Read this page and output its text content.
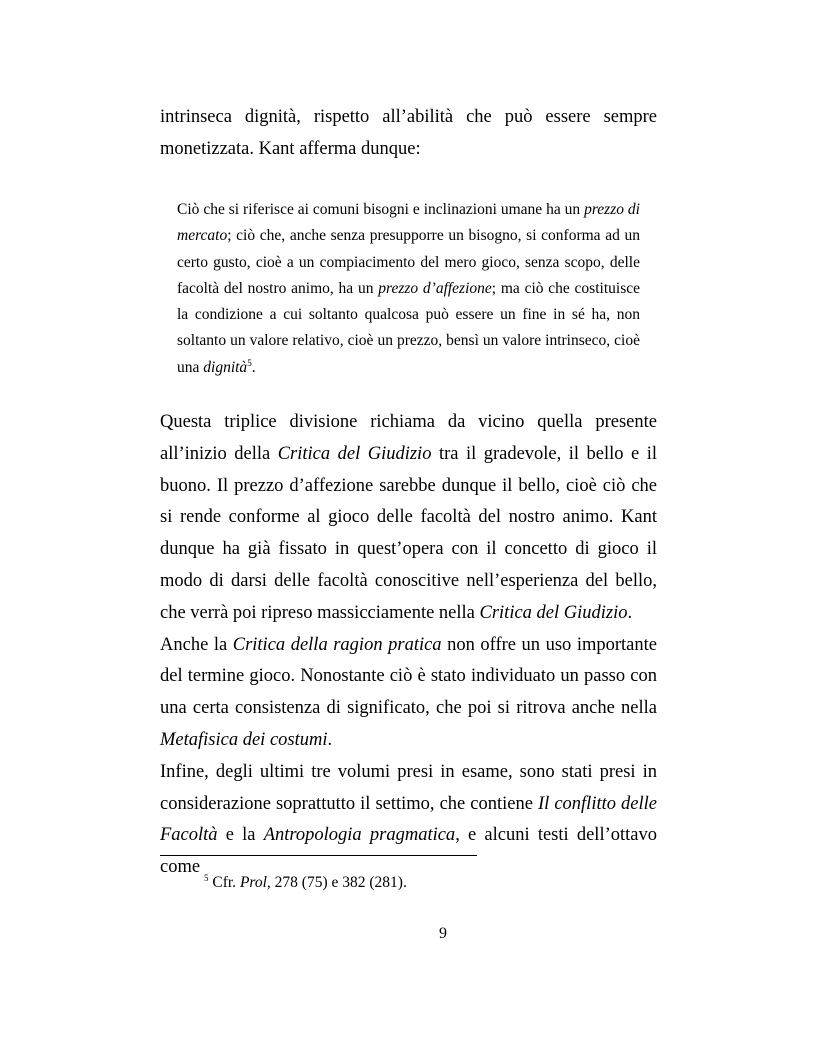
intrinseca dignità, rispetto all’abilità che può essere sempre

monetizzata. Kant afferma dunque:

Ciò che si riferisce ai comuni bisogni e inclinazioni umane ha un prezzo di mercato; ciò che, anche senza presupporre un bisogno, si conforma ad un certo gusto, cioè a un compiacimento del mero gioco, senza scopo, delle facoltà del nostro animo, ha un prezzo d’affezione; ma ciò che costituisce la condizione a cui soltanto qualcosa può essere un fine in sé ha, non soltanto un valore relativo, cioè un prezzo, bensì un valore intrinseco, cioè una dignità$^5$.

Questa triplice divisione richiama da vicino quella presente all’inizio della Critica del Giudizio tra il gradevole, il bello e il buono. Il prezzo d’affezione sarebbe dunque il bello, cioè ciò che si rende conforme al gioco delle facoltà del nostro animo. Kant dunque ha già fissato in quest’opera con il concetto di gioco il modo di darsi delle facoltà conoscitive nell’esperienza del bello, che verrà poi ripreso massicciamente nella Critica del Giudizio.

Anche la Critica della ragion pratica non offre un uso importante del termine gioco. Nonostante ciò è stato individuato un passo con una certa consistenza di significato, che poi si ritrova anche nella Metafisica dei costumi.

Infine, degli ultimi tre volumi presi in esame, sono stati presi in considerazione soprattutto il settimo, che contiene Il conflitto delle Facoltà e la Antropologia pragmatica, e alcuni testi dell’ottavo come

$^5$ Cfr. Prol, 278 (75) e 382 (281).

9
